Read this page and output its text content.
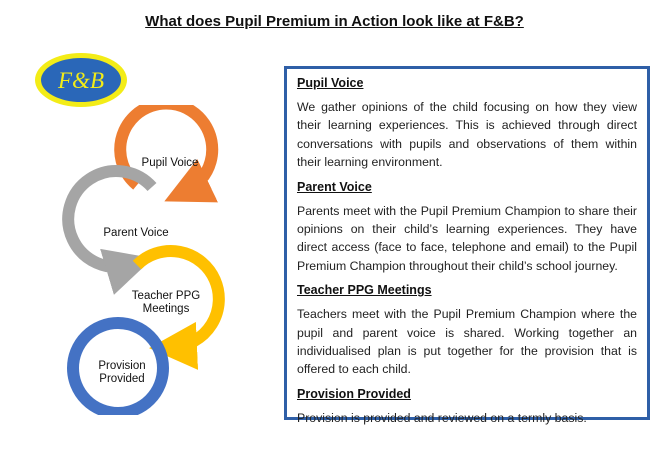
What does Pupil Premium in Action look like at F&B?
F&B
Pupil Voice
Parent Voice
Teacher PPG Meetings
Provision Provided
Pupil Voice
We gather opinions of the child focusing on how they view their learning experiences. This is achieved through direct conversations with pupils and observations of them within their learning environment.
Parent Voice
Parents meet with the Pupil Premium Champion to share their opinions on their child’s learning experiences. They have direct access (face to face, telephone and email) to the Pupil Premium Champion throughout their child’s school journey.
Teacher PPG Meetings
Teachers meet with the Pupil Premium Champion where the pupil and parent voice is shared. Working together an individualised plan is put together for the provision that is offered to each child.
Provision Provided
Provision is provided and reviewed on a termly basis.
